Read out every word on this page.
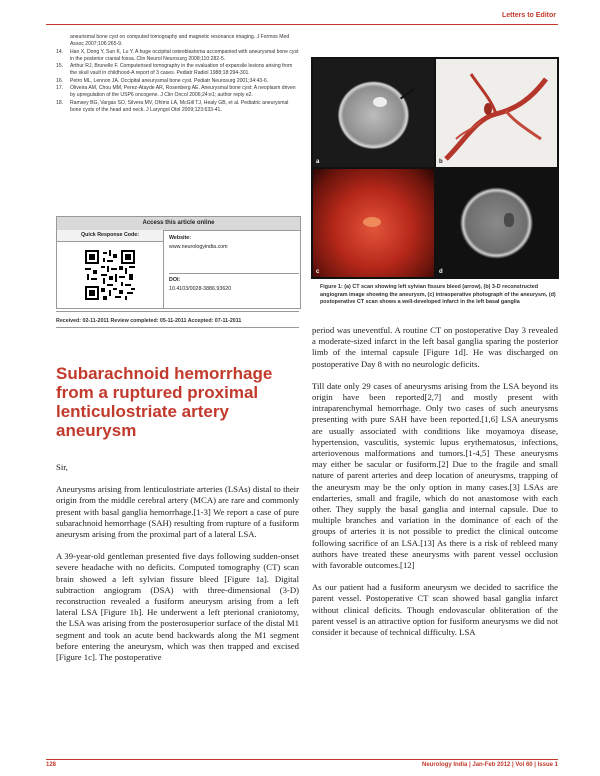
Letters to Editor
aneurismal bone cyst on computed tomography and magnetic resonance imaging. J Formos Med Assoc 2007;106:265-9.
14. Han X, Dong Y, Sun K, Lu Y. A huge occipital osteoblastoma accompanied with aneurysmal bone cyst in the posterior cranial fossa. Clin Neurol Neurosurg 2008;110:282-5.
15. Arthur RJ, Brunelle F. Computerised tomography in the evaluation of expansile lesions arising from the skull vault in childhood-A report of 3 cases. Pediatr Radiol 1988;18:294-301.
16. Petro ML, Lennon JA. Occipital aneurysmal bone cyst. Pediatr Neurosurg 2001;34:43-6.
17. Oliveira AM, Chou MM, Perez-Atayde AR, Rosenberg AE. Aneurysmal bone cyst: A neoplasm driven by upregulation of the USP6 oncogene. J Clin Oncol 2006;24:e1; author reply e2.
18. Ramsey BG, Vargas SO, Silvera MV, Ohlms LA, McGill TJ, Healy GB, et al. Pediatric aneurysmal bone cysts of the head and neck. J Laryngol Otol 2009;123:633-41.
Access this article online
Quick Response Code:	Website:
www.neurologyindia.com
DOI:
10.4103/0028-3886.93620
Received: 02-11-2011 Review completed: 05-11-2011 Accepted: 07-11-2011
Subarachnoid hemorrhage from a ruptured proximal lenticulostriate artery aneurysm

Sir,

Aneurysms arising from lenticulostriate arteries (LSAs) distal to their origin from the middle cerebral artery (MCA) are rare and commonly present with basal ganglia hemorrhage.[1-3] We report a case of pure subarachnoid hemorrhage (SAH) resulting from rupture of a fusiform aneurysm arising from the proximal part of a lateral LSA.

A 39-year-old gentleman presented five days following sudden-onset severe headache with no deficits. Computed tomography (CT) scan brain showed a left sylvian fissure bleed [Figure 1a]. Digital subtraction angiogram (DSA) with three-dimensional (3-D) reconstruction revealed a fusiform aneurysm arising from a left lateral LSA [Figure 1b]. He underwent a left pterional craniotomy, the LSA was arising from the posterosuperior surface of the distal M1 segment and took an acute bend backwards along the M1 segment before entering the aneurysm, which was then trapped and excised [Figure 1c]. The postoperative

a	b
c	d
Figure 1: (a) CT scan showing left sylvian fissure bleed (arrow), (b) 3-D reconstructed angiogram image showing the aneurysm, (c) intraoperative photograph of the aneurysm, (d) postoperative CT scan shows a well-developed infarct in the left basal ganglia

period was uneventful. A routine CT on postoperative Day 3 revealed a moderate-sized infarct in the left basal ganglia sparing the posterior limb of the internal capsule [Figure 1d]. He was discharged on postoperative Day 8 with no neurologic deficits.

Till date only 29 cases of aneurysms arising from the LSA beyond its origin have been reported[2,7] and mostly present with intraparenchymal hemorrhage. Only two cases of such aneurysms presenting with pure SAH have been reported.[1,6] LSA aneurysms are usually associated with conditions like moyamoya disease, hypertension, vasculitis, systemic lupus erythematosus, infections, arteriovenous malformations and tumors.[1-4,5] These aneurysms may either be sacular or fusiform.[2] Due to the fragile and small nature of parent arteries and deep location of aneurysms, trapping of the aneurysm may be the only option in many cases.[3] LSAs are endarteries, small and fragile, which do not anastomose with each other. They supply the basal ganglia and internal capsule. Due to multiple branches and variation in the dominance of each of the groups of arteries it is not possible to predict the clinical outcome following sacrifice of an LSA.[13] As there is a risk of rebleed many authors have treated these aneurysms with parent vessel occlusion with favorable outcomes.[12]

As our patient had a fusiform aneurysm we decided to sacrifice the parent vessel. Postoperative CT scan showed basal ganglia infarct without clinical deficits. Though endovascular obliteration of the parent vessel is an attractive option for fusiform aneurysms we did not consider it because of technical difficulty. LSA

128	Neurology India | Jan-Feb 2012 | Vol 60 | Issue 1
